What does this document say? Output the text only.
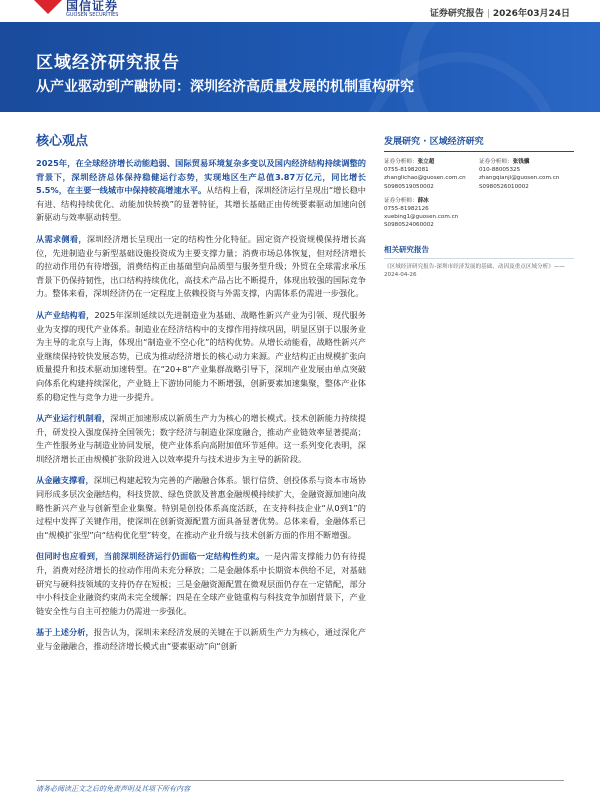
国信证券
GUOSEN SECURITIES	证券研究报告 | 2026年03月24日
区域经济研究报告
从产业驱动到产融协同：深圳经济高质量发展的机制重构研究
核心观点

2025年，在全球经济增长动能趋弱、国际贸易环境复杂多变以及国内经济结构持续调整的背景下，深圳经济总体保持稳健运行态势，实现地区生产总值3.87万亿元，同比增长5.5%，在主要一线城市中保持较高增速水平。从结构上看，深圳经济运行呈现出“增长稳中有进、结构持续优化、动能加快转换”的显著特征，其增长基础正由传统要素驱动加速向创新驱动与效率驱动转型。

从需求侧看，深圳经济增长呈现出一定的结构性分化特征。固定资产投资规模保持增长高位，先进制造业与新型基础设施投资成为主要支撑力量；消费市场总体恢复，但对经济增长的拉动作用仍有待增强，消费结构正由基础型向品质型与服务型升级；外贸在全球需求承压背景下仍保持韧性，出口结构持续优化，高技术产品占比不断提升，体现出较强的国际竞争力。整体来看，深圳经济仍在一定程度上依赖投资与外需支撑，内需体系仍需进一步强化。

从产业结构看，2025年深圳延续以先进制造业为基础、战略性新兴产业为引领、现代服务业为支撑的现代产业体系。制造业在经济结构中的支撑作用持续巩固，明显区别于以服务业为主导的北京与上海，体现出“制造业不空心化”的结构优势。从增长动能看，战略性新兴产业继续保持较快发展态势，已成为推动经济增长的核心动力来源。产业结构正由规模扩张向质量提升和技术驱动加速转型。在“20+8”产业集群战略引导下，深圳产业发展由单点突破向体系化构建持续深化，产业链上下游协同能力不断增强，创新要素加速集聚，整体产业体系的稳定性与竞争力进一步提升。

从产业运行机制看，深圳正加速形成以新质生产力为核心的增长模式。技术创新能力持续提升，研发投入强度保持全国领先；数字经济与制造业深度融合，推动产业链效率显著提高；生产性服务业与制造业协同发展，使产业体系向高附加值环节延伸。这一系列变化表明，深圳经济增长正由规模扩张阶段进入以效率提升与技术进步为主导的新阶段。

从金融支撑看，深圳已构建起较为完善的产融融合体系。银行信贷、创投体系与资本市场协同形成多层次金融结构，科技贷款、绿色贷款及普惠金融规模持续扩大，金融资源加速向战略性新兴产业与创新型企业集聚。特别是创投体系高度活跃，在支持科技企业“从0到1”的过程中发挥了关键作用，使深圳在创新资源配置方面具备显著优势。总体来看，金融体系已由“规模扩张型”向“结构优化型”转变，在推动产业升级与技术创新方面的作用不断增强。

但同时也应看到，当前深圳经济运行仍面临一定结构性约束。一是内需支撑能力仍有待提升，消费对经济增长的拉动作用尚未充分释放；二是金融体系中长期资本供给不足，对基础研究与硬科技领域的支持仍存在短板；三是金融资源配置在微观层面仍存在一定错配，部分中小科技企业融资约束尚未完全缓解；四是在全球产业链重构与科技竞争加剧背景下，产业链安全性与自主可控能力仍需进一步强化。

基于上述分析，报告认为，深圳未来经济发展的关键在于以新质生产力为核心，通过深化产业与金融融合，推动经济增长模式由“要素驱动”向“创新

发展研究 · 区域经济研究
证券分析师：张立超
0755-81982081
zhanglichao@guosen.com.cn
S0980519050002
证券分析师：张钱骥
010-88005325
zhangqianji@guosen.com.cn
S0980526010002
证券分析师：薛冰
0755-81982126
xuebing1@guosen.com.cn
S0980524060002
相关研究报告
《区域经济研究报告-深圳市经济发展的基础、动因及重点区域分析》——2024-04-26
请务必阅读正文之后的免责声明及其项下所有内容
